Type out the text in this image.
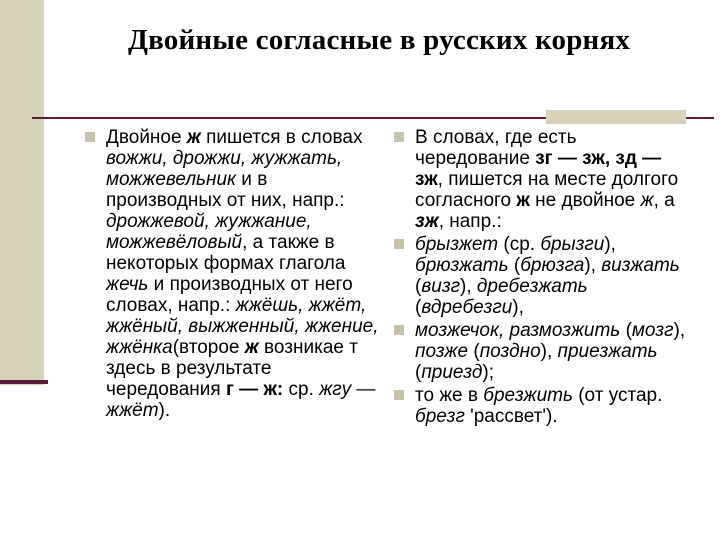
Двойные согласные в русских корнях
Двойное ж пишется в словах вожжи, дрожжи, жужжать, можжевельник и в производных от них, напр.: дрожжевой, жужжание, можжевёловый, а также в некоторых формах глагола жечь и производных от него словах, напр.: жжёшь, жжёт, жжёный, выжженный, жжение, жжёнка(второе ж возникае т здесь в результате чередования г — ж: ср. жгу — жжёт).
В словах, где есть чередование зг — зж, зд — зж, пишется на месте долгого согласного ж не двойное ж, а зж, напр.:
брызжет (ср. брызги), брюзжать (брюзга), визжать (визг), дребезжать (вдребезги),
мозжечок, размозжить (мозг), позже (поздно), приезжать (приезд);
то же в брезжить (от устар. брезг 'рассвет').
